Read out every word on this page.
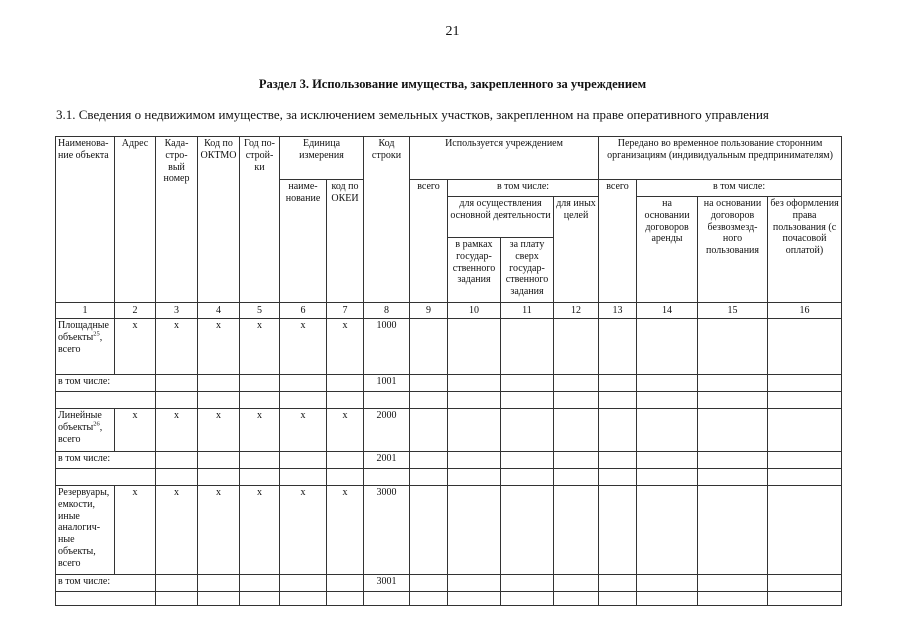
21
Раздел 3. Использование имущества, закрепленного за учреждением
3.1. Сведения о недвижимом имуществе, за исключением земельных участков, закрепленном на праве оперативного управления
Наименова-ние объекта	Адрес	Када-стро-вый номер	Код по ОКТМО	Год по-строй-ки	Единица измерения		Код строки	Используется учреждением				Передано во временное пользование сторонним организациям (индивидуальным предпринимателям)			
					наиме-нование	код по ОКЕИ		всего	в том числе:			всего	в том числе:		
									для осуществления основной деятельности		для иных целей		на основании договоров аренды	на основании договоров безвозмезд-ного пользования	без оформления права пользования (с почасовой оплатой)
									в рамках государ-ственного задания	за плату сверх государ-ственного задания					
1	2	3	4	5	6	7	8	9	10	11	12	13	14	15	16
Площадные объекты$^{25}$, всего	x	x	x	x	x	x	1000								
в том числе:							1001								

Линейные объекты$^{26}$, всего	x	x	x	x	x	x	2000								
в том числе:							2001								

Резервуары, емкости, иные аналогич-ные объекты, всего	x	x	x	x	x	x	3000								
в том числе:							3001								
